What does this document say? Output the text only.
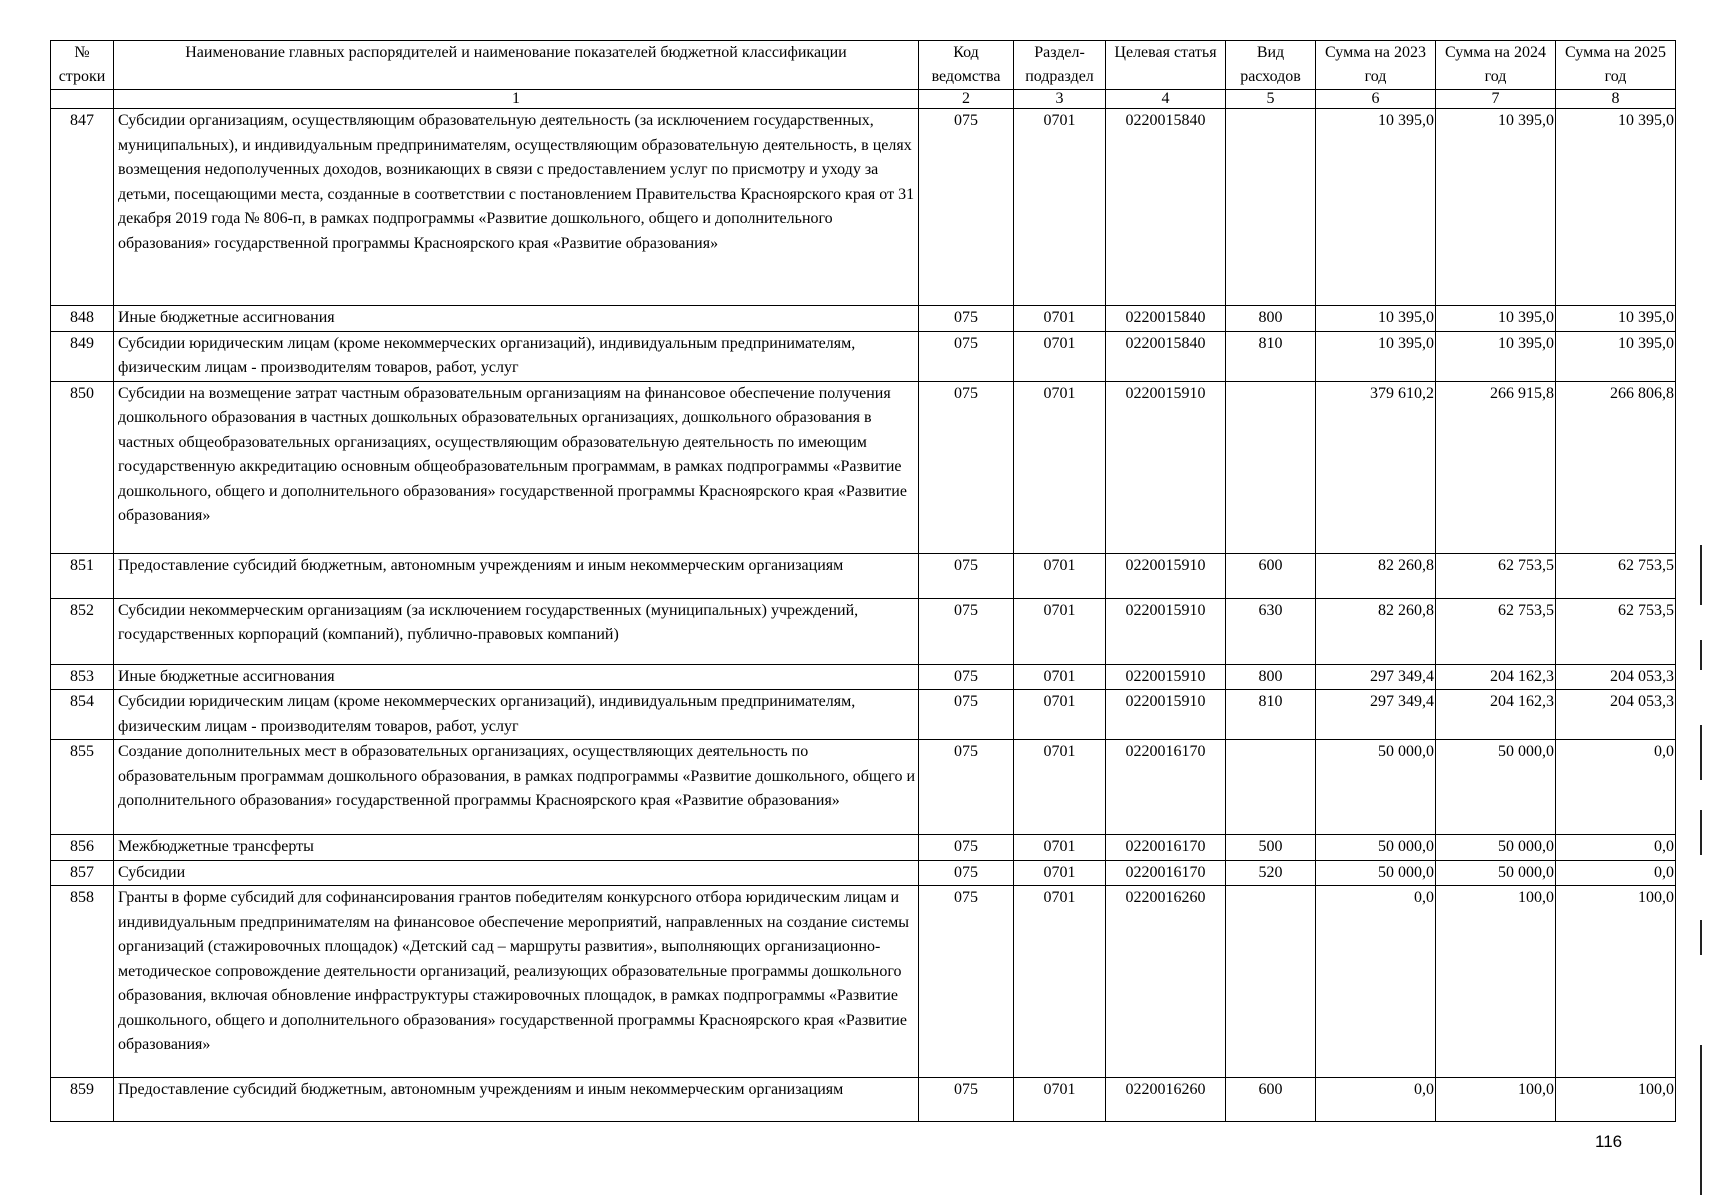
№ строки	Наименование главных распорядителей и наименование показателей бюджетной классификации	Код ведомства	Раздел-подраздел	Целевая статья	Вид расходов	Сумма на 2023 год	Сумма на 2024 год	Сумма на 2025 год
	1	2	3	4	5	6	7	8
847	Субсидии организациям, осуществляющим образовательную деятельность (за исключением государственных, муниципальных), и индивидуальным предпринимателям, осуществляющим образовательную деятельность, в целях возмещения недополученных доходов, возникающих в связи с предоставлением услуг по присмотру и уходу за детьми, посещающими места, созданные в соответствии с постановлением Правительства Красноярского края от 31 декабря 2019 года № 806-п, в рамках подпрограммы «Развитие дошкольного, общего и дополнительного образования» государственной программы Красноярского края «Развитие образования»	075	0701	0220015840		10 395,0	10 395,0	10 395,0
848	Иные бюджетные ассигнования	075	0701	0220015840	800	10 395,0	10 395,0	10 395,0
849	Субсидии юридическим лицам (кроме некоммерческих организаций), индивидуальным предпринимателям, физическим лицам - производителям товаров, работ, услуг	075	0701	0220015840	810	10 395,0	10 395,0	10 395,0
850	Субсидии на возмещение затрат частным образовательным организациям на финансовое обеспечение получения дошкольного образования в частных дошкольных образовательных организациях, дошкольного образования в частных общеобразовательных организациях, осуществляющим образовательную деятельность по имеющим государственную аккредитацию основным общеобразовательным программам, в рамках подпрограммы «Развитие дошкольного, общего и дополнительного образования» государственной программы Красноярского края «Развитие образования»	075	0701	0220015910		379 610,2	266 915,8	266 806,8
851	Предоставление субсидий бюджетным, автономным учреждениям и иным некоммерческим организациям	075	0701	0220015910	600	82 260,8	62 753,5	62 753,5
852	Субсидии некоммерческим организациям (за исключением государственных (муниципальных) учреждений, государственных корпораций (компаний), публично-правовых компаний)	075	0701	0220015910	630	82 260,8	62 753,5	62 753,5
853	Иные бюджетные ассигнования	075	0701	0220015910	800	297 349,4	204 162,3	204 053,3
854	Субсидии юридическим лицам (кроме некоммерческих организаций), индивидуальным предпринимателям, физическим лицам - производителям товаров, работ, услуг	075	0701	0220015910	810	297 349,4	204 162,3	204 053,3
855	Создание дополнительных мест в образовательных организациях, осуществляющих деятельность по образовательным программам дошкольного образования, в рамках подпрограммы «Развитие дошкольного, общего и дополнительного образования» государственной программы Красноярского края «Развитие образования»	075	0701	0220016170		50 000,0	50 000,0	0,0
856	Межбюджетные трансферты	075	0701	0220016170	500	50 000,0	50 000,0	0,0
857	Субсидии	075	0701	0220016170	520	50 000,0	50 000,0	0,0
858	Гранты в форме субсидий для софинансирования грантов победителям конкурсного отбора юридическим лицам и индивидуальным предпринимателям на финансовое обеспечение мероприятий, направленных на создание системы организаций (стажировочных площадок) «Детский сад – маршруты развития», выполняющих организационно-методическое сопровождение деятельности организаций, реализующих образовательные программы дошкольного образования, включая обновление инфраструктуры стажировочных площадок, в рамках подпрограммы «Развитие дошкольного, общего и дополнительного образования» государственной программы Красноярского края «Развитие образования»	075	0701	0220016260		0,0	100,0	100,0
859	Предоставление субсидий бюджетным, автономным учреждениям и иным некоммерческим организациям	075	0701	0220016260	600	0,0	100,0	100,0
116
